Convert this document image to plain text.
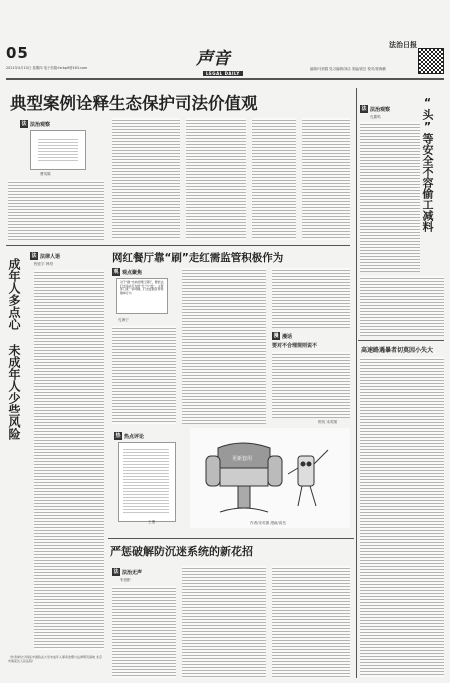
05
2021年4月15日 星期四 电子信箱:fzrbplf@163.com	声音
LEGAL DAILY
法治日报
编辑/马树娟 见习编辑/刘洁 美编/高岳 校对/郭海鹏
典型案例诠释生态保护司法价值观
法 法治观察
曹英陈
法 法治观察
孔繁鸣	“头”等安全不容偷工减料
高速路遇暴者切莫因小失大
法 法律人语
程佳宇 韩昊
成年人多点心 未成年人少些风险
（作者单位分别系中国政法大学未成年人事务治理与法律研究基地 北京市海淀区人民法院）
网红餐厅靠“刷”走红需监管积极作为
观 观点聚焦
对于“刷”出来的网红餐厅，要依法打击违法行为的“红”与“虚”，主管部门进一步明确，打击虚假宣传和刷单行为
孔海宁
漫 漫话
要对不合理规则说不
锁英 宋英图
热 热点评论
王俊
更新套用
作者/宋英图 漫画/高岳
严惩破解防沉迷系统的新花招
法 法治无声
朱恒彬
